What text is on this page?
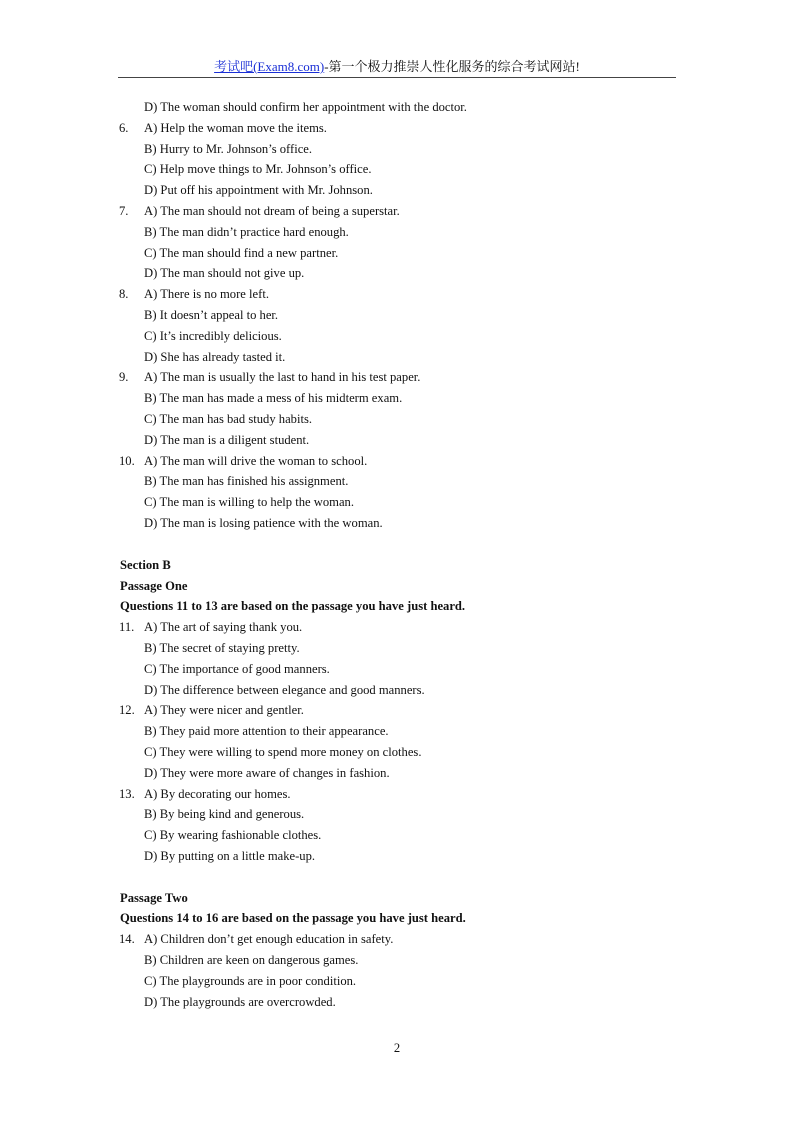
考试吧(Exam8.com)-第一个极力推崇人性化服务的综合考试网站!
D) The woman should confirm her appointment with the doctor.
6. A) Help the woman move the items.
B) Hurry to Mr. Johnson’s office.
C) Help move things to Mr. Johnson’s office.
D) Put off his appointment with Mr. Johnson.
7. A) The man should not dream of being a superstar.
B) The man didn’t practice hard enough.
C) The man should find a new partner.
D) The man should not give up.
8. A) There is no more left.
B) It doesn’t appeal to her.
C) It’s incredibly delicious.
D) She has already tasted it.
9. A) The man is usually the last to hand in his test paper.
B) The man has made a mess of his midterm exam.
C) The man has bad study habits.
D) The man is a diligent student.
10. A) The man will drive the woman to school.
B) The man has finished his assignment.
C) The man is willing to help the woman.
D) The man is losing patience with the woman.
Section B
Passage One
Questions 11 to 13 are based on the passage you have just heard.
11. A) The art of saying thank you.
B) The secret of staying pretty.
C) The importance of good manners.
D) The difference between elegance and good manners.
12. A) They were nicer and gentler.
B) They paid more attention to their appearance.
C) They were willing to spend more money on clothes.
D) They were more aware of changes in fashion.
13. A) By decorating our homes.
B) By being kind and generous.
C) By wearing fashionable clothes.
D) By putting on a little make-up.
Passage Two
Questions 14 to 16 are based on the passage you have just heard.
14. A) Children don’t get enough education in safety.
B) Children are keen on dangerous games.
C) The playgrounds are in poor condition.
D) The playgrounds are overcrowded.
2
